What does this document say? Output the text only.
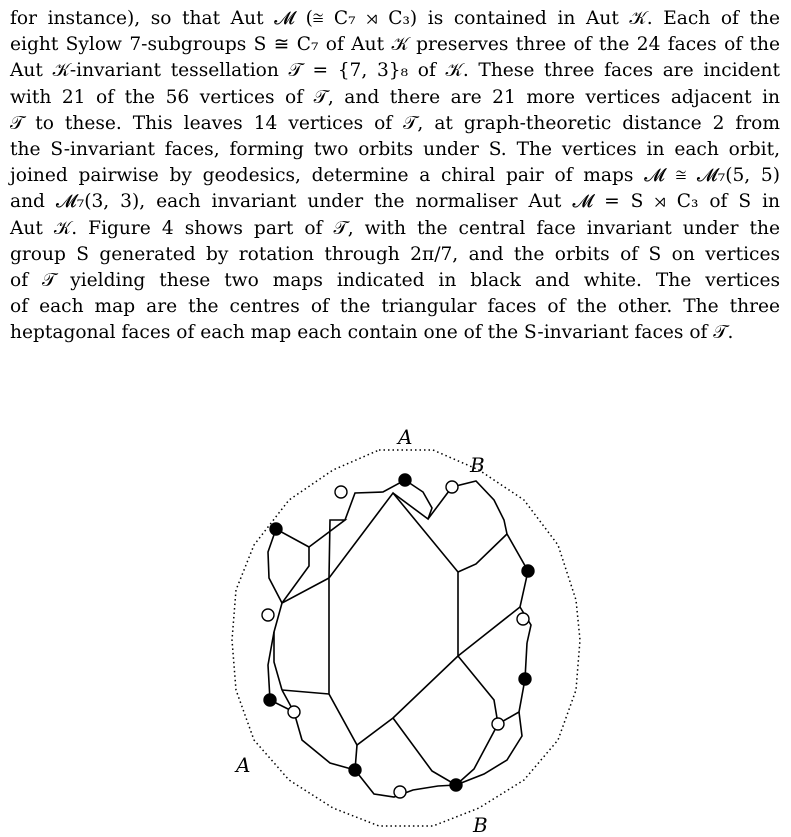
for instance), so that Aut 𝓜 (≅ C₇ ⋊ C₃) is contained in Aut 𝒦. Each of the
eight Sylow 7-subgroups S ≅ C₇ of Aut 𝒦 preserves three of the 24 faces of the
Aut 𝒦-invariant tessellation 𝒯 = {7, 3}₈ of 𝒦. These three faces are incident
with 21 of the 56 vertices of 𝒯, and there are 21 more vertices adjacent in
𝒯 to these. This leaves 14 vertices of 𝒯, at graph-theoretic distance 2 from
the S-invariant faces, forming two orbits under S. The vertices in each orbit,
joined pairwise by geodesics, determine a chiral pair of maps 𝓜 ≅ 𝓜₇(5, 5)
and 𝓜₇(3, 3), each invariant under the normaliser Aut 𝓜 = S ⋊ C₃ of S in
Aut 𝒦. Figure 4 shows part of 𝒯, with the central face invariant under the
group S generated by rotation through 2π/7, and the orbits of S on vertices
of 𝒯 yielding these two maps indicated in black and white. The vertices
of each map are the centres of the triangular faces of the other. The three
heptagonal faces of each map each contain one of the S-invariant faces of 𝒯.
A
B
A
B
